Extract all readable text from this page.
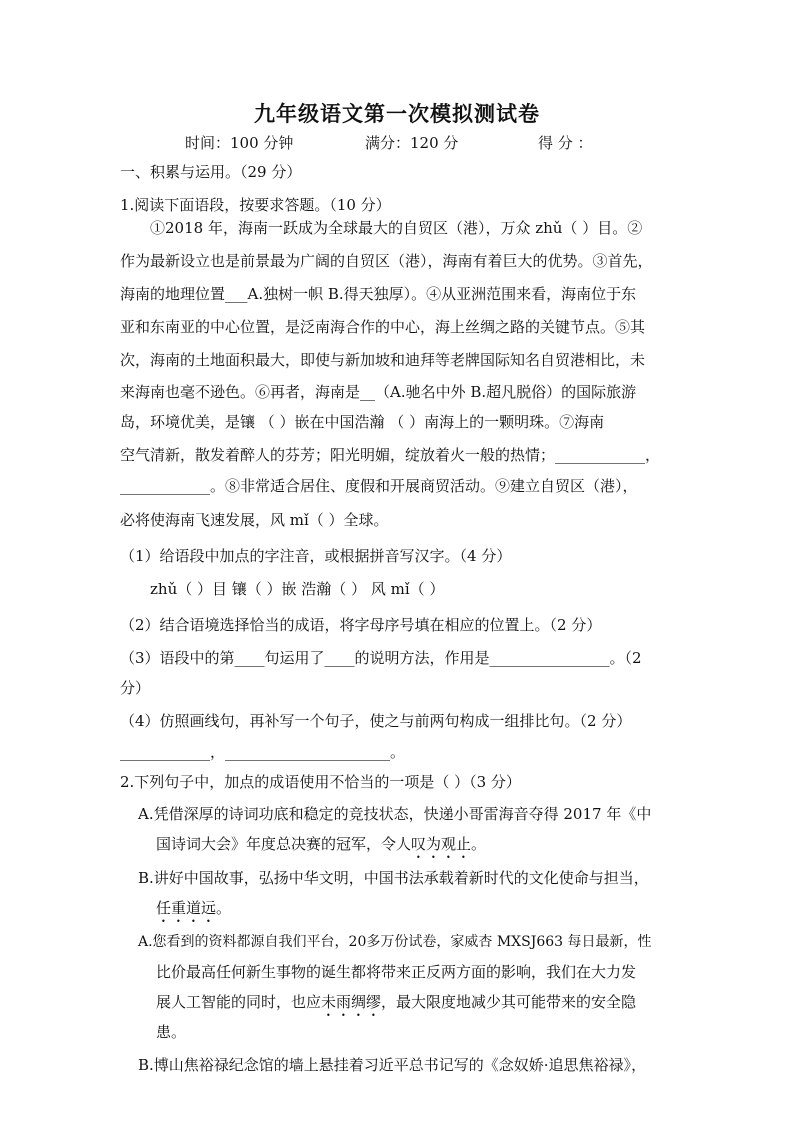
九年级语文第一次模拟测试卷
时间：100 分钟	满分：120 分	得 分 ：
一、积累与运用。（29 分）
1.阅读下面语段，按要求答题。（10 分）
①2018 年，海南一跃成为全球最大的自贸区（港），万众 zhǔ（ ）目。②
作为最新设立也是前景最为广阔的自贸区（港），海南有着巨大的优势。③首先，
海南的地理位置___A.独树一帜 B.得天独厚）。④从亚洲范围来看，海南位于东
亚和东南亚的中心位置，是泛南海合作的中心，海上丝绸之路的关键节点。⑤其
次，海南的土地面积最大，即使与新加坡和迪拜等老牌国际知名自贸港相比，未
来海南也毫不逊色。⑥再者，海南是__（A.驰名中外 B.超凡脱俗）的国际旅游
岛，环境优美，是镶 （ ）嵌在中国浩瀚 （ ）南海上的一颗明珠。⑦海南
空气清新，散发着醉人的芬芳；阳光明媚，绽放着火一般的热情；____________，
____________。⑧非常适合居住、度假和开展商贸活动。⑨建立自贸区（港），
必将使海南飞速发展，风 mǐ（ ）全球。
（1）给语段中加点的字注音，或根据拼音写汉字。（4 分）
zhǔ（ ）目 镶（ ）嵌 浩瀚（ ） 风 mǐ（ ）
（2）结合语境选择恰当的成语，将字母序号填在相应的位置上。（2 分）
（3）语段中的第____句运用了____的说明方法，作用是________________。（2
分）
（4）仿照画线句，再补写一个句子，使之与前两句构成一组排比句。（2 分）
____________，______________________。
2.下列句子中，加点的成语使用不恰当的一项是（ ）（3 分）
A.凭借深厚的诗词功底和稳定的竞技状态，快递小哥雷海音夺得 2017 年《中
国诗词大会》年度总决赛的冠军，令人叹为观止。
B.讲好中国故事，弘扬中华文明，中国书法承载着新时代的文化使命与担当，
任重道远。
A.您看到的资料都源自我们平台，20多万份试卷，家威杏 MXSJ663 每日最新，性
比价最高任何新生事物的诞生都将带来正反两方面的影响，我们在大力发
展人工智能的同时，也应未雨绸缪，最大限度地减少其可能带来的安全隐
患。
B.博山焦裕禄纪念馆的墙上悬挂着习近平总书记写的《念奴娇·追思焦裕禄》，
